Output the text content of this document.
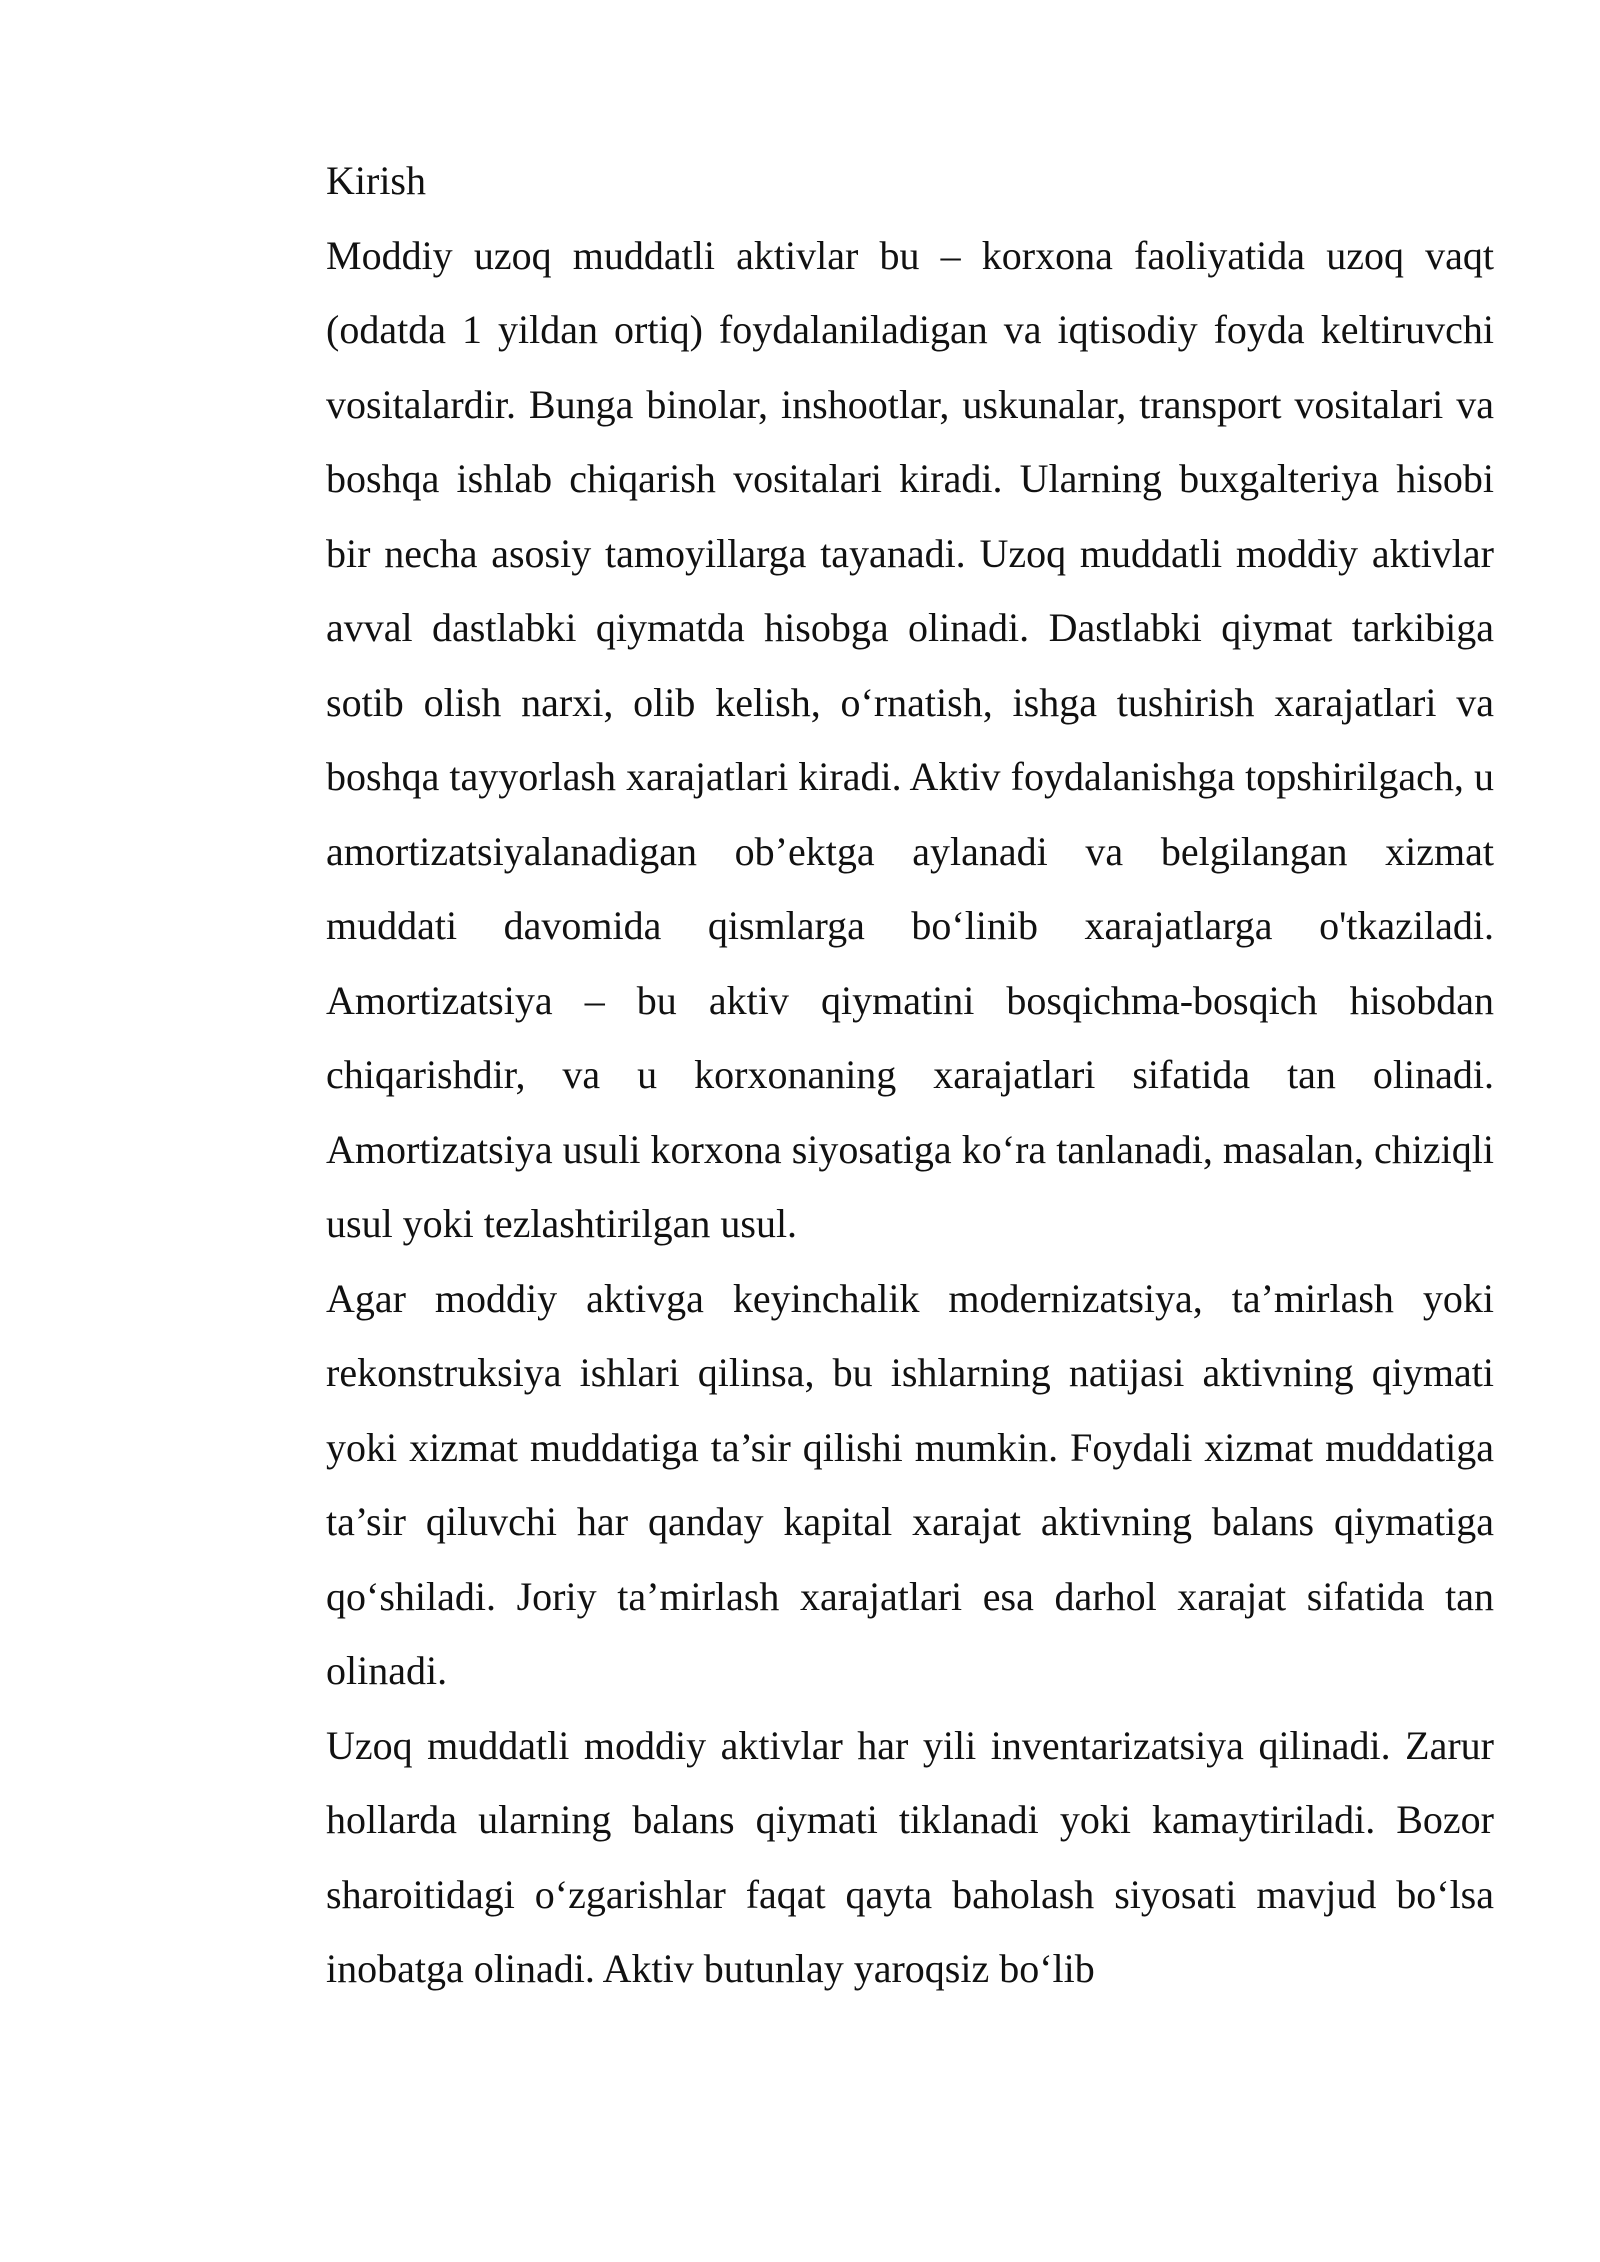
Kirish

Moddiy uzoq muddatli aktivlar bu – korxona faoliyatida uzoq vaqt (odatda 1 yildan ortiq) foydalaniladigan va iqtisodiy foyda keltiruvchi vositalardir. Bunga binolar, inshootlar, uskunalar, transport vositalari va boshqa ishlab chiqarish vositalari kiradi. Ularning buxgalteriya hisobi bir necha asosiy tamoyillarga tayanadi. Uzoq muddatli moddiy aktivlar avval dastlabki qiymatda hisobga olinadi. Dastlabki qiymat tarkibiga sotib olish narxi, olib kelish, o‘rnatish, ishga tushirish xarajatlari va boshqa tayyorlash xarajatlari kiradi. Aktiv foydalanishga topshirilgach, u amortizatsiyalanadigan ob’ektga aylanadi va belgilangan xizmat muddati davomida qismlarga bo‘linib xarajatlarga o'tkaziladi. Amortizatsiya – bu aktiv qiymatini bosqichma-bosqich hisobdan chiqarishdir, va u korxonaning xarajatlari sifatida tan olinadi. Amortizatsiya usuli korxona siyosatiga ko‘ra tanlanadi, masalan, chiziqli usul yoki tezlashtirilgan usul.

Agar moddiy aktivga keyinchalik modernizatsiya, ta’mirlash yoki rekonstruksiya ishlari qilinsa, bu ishlarning natijasi aktivning qiymati yoki xizmat muddatiga ta’sir qilishi mumkin. Foydali xizmat muddatiga ta’sir qiluvchi har qanday kapital xarajat aktivning balans qiymatiga qo‘shiladi. Joriy ta’mirlash xarajatlari esa darhol xarajat sifatida tan olinadi.

Uzoq muddatli moddiy aktivlar har yili inventarizatsiya qilinadi. Zarur hollarda ularning balans qiymati tiklanadi yoki kamaytiriladi. Bozor sharoitidagi o‘zgarishlar faqat qayta baholash siyosati mavjud bo‘lsa inobatga olinadi. Aktiv butunlay yaroqsiz bo‘lib
